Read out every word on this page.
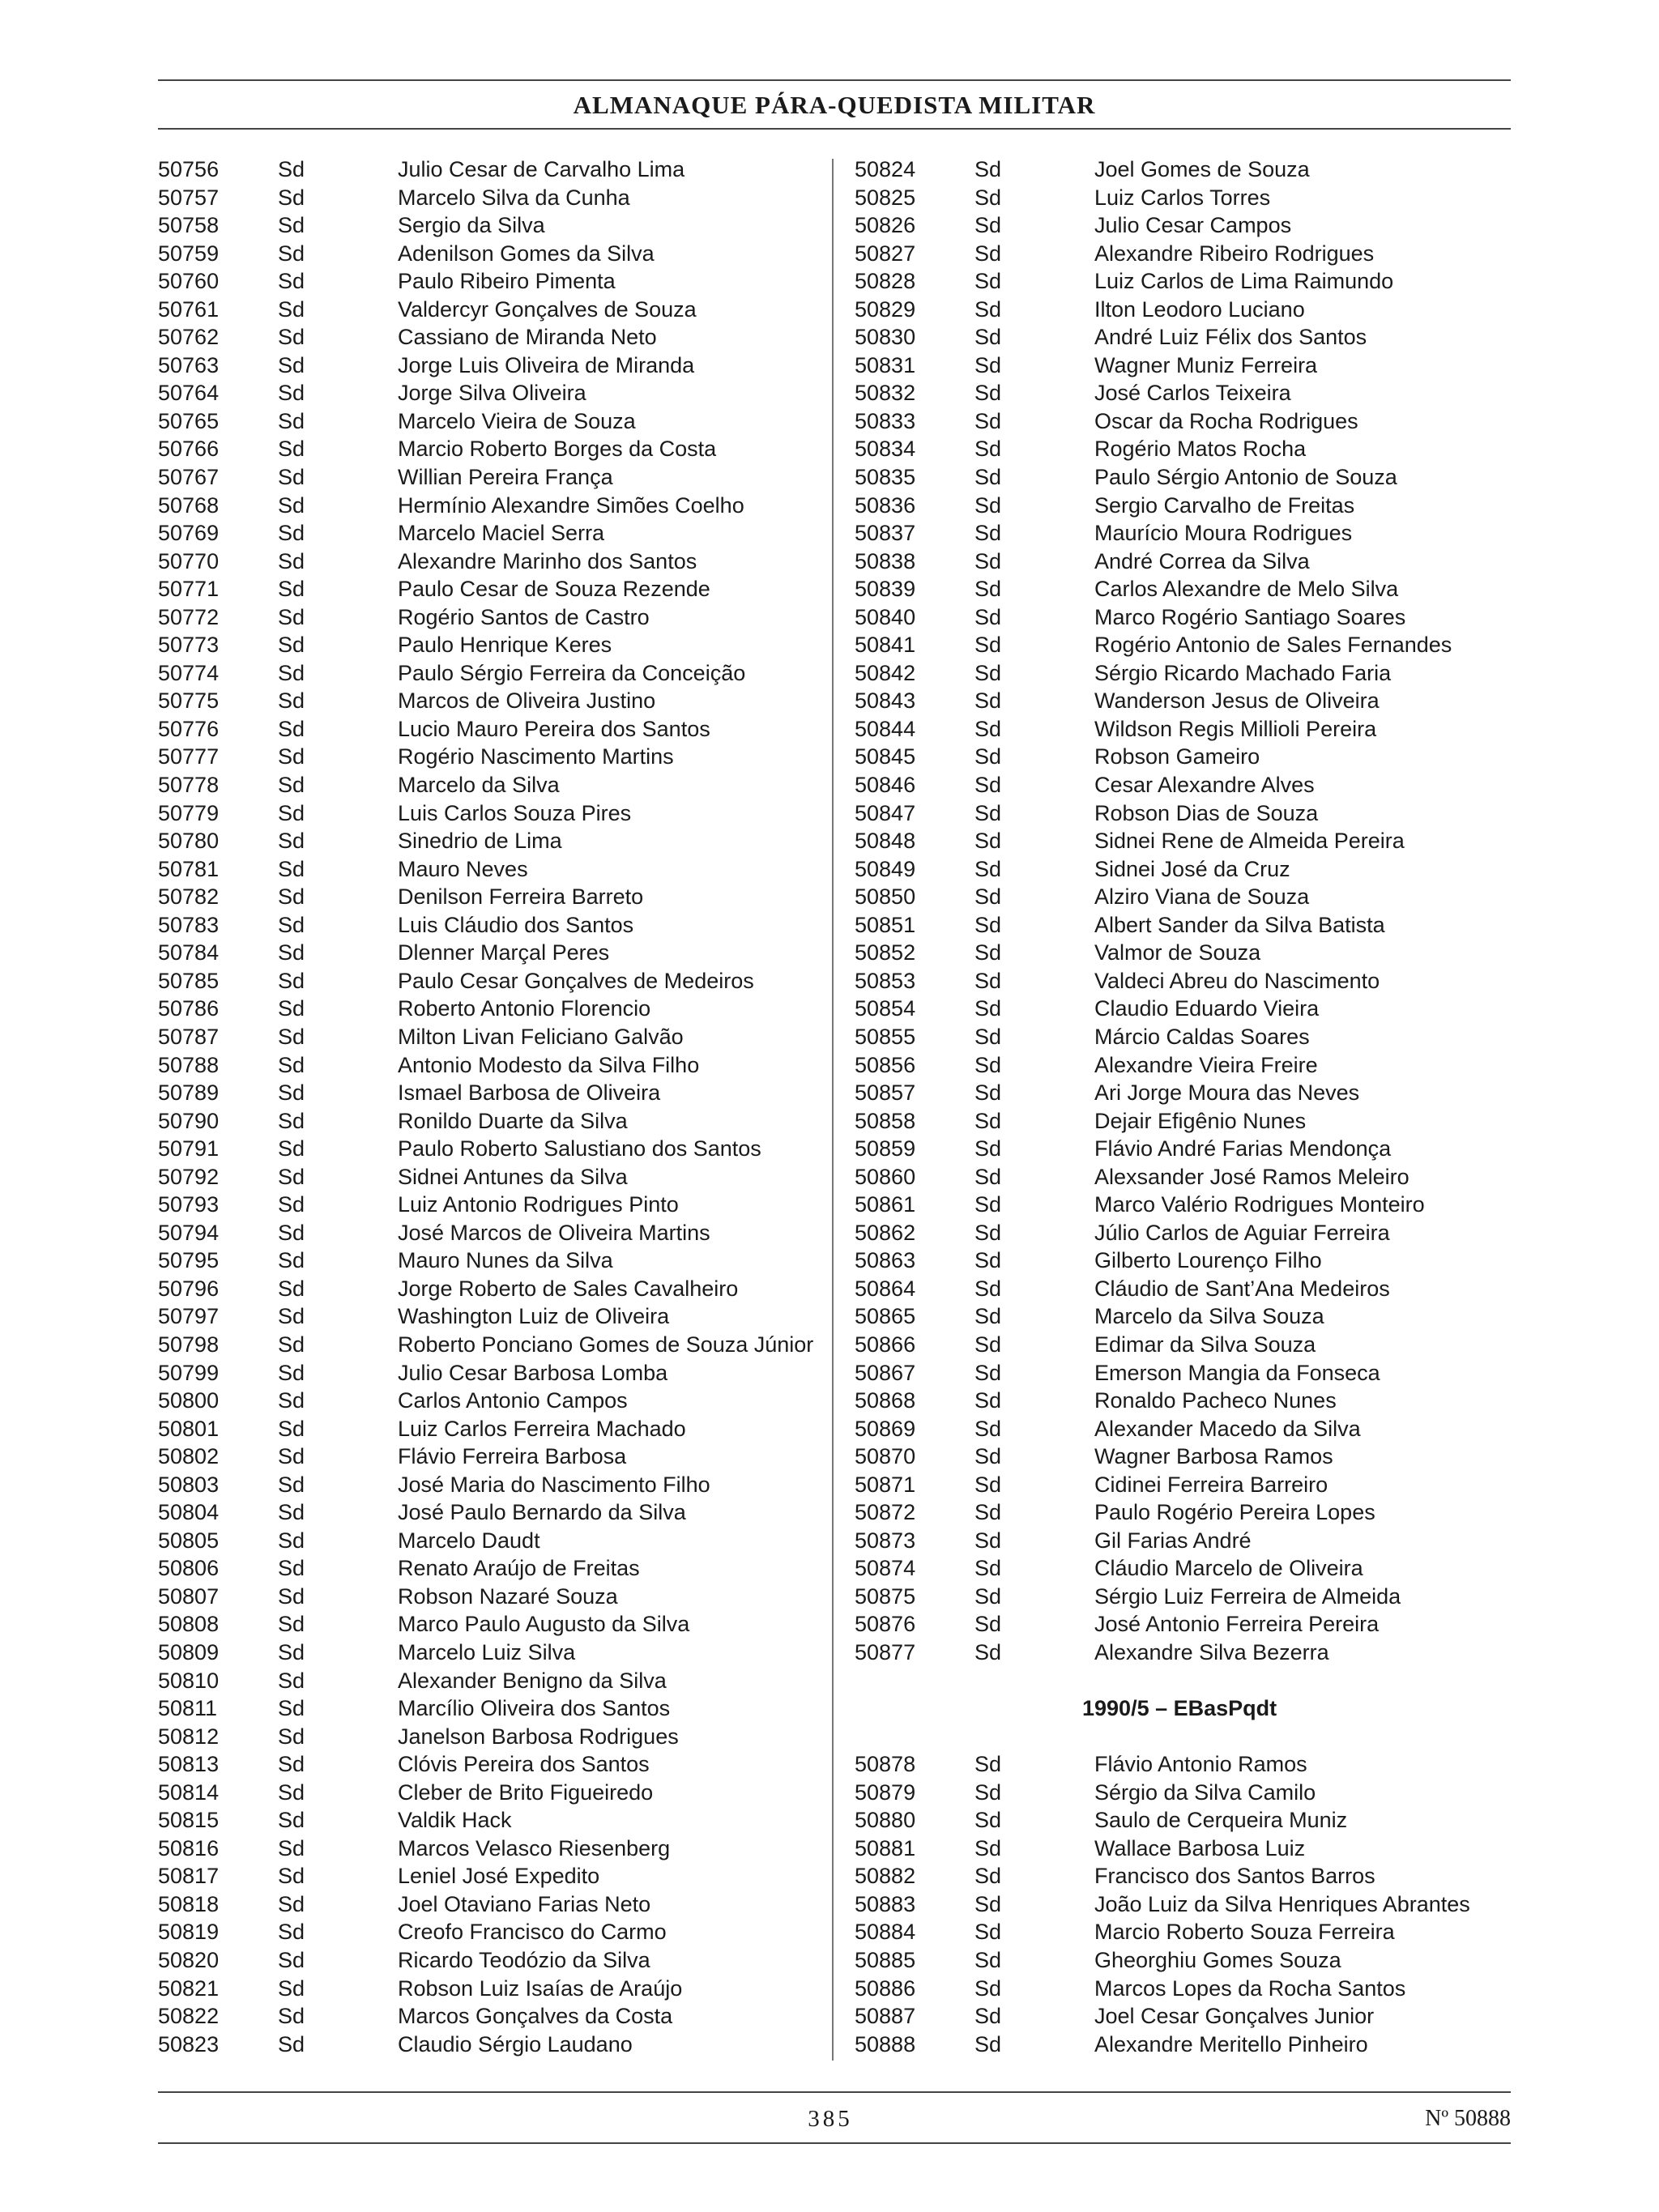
ALMANAQUE PÁRA-QUEDISTA MILITAR
50756	Sd	Julio Cesar de Carvalho Lima
50757	Sd	Marcelo Silva da Cunha
50758	Sd	Sergio da Silva
50759	Sd	Adenilson Gomes da Silva
50760	Sd	Paulo Ribeiro Pimenta
50761	Sd	Valdercyr Gonçalves de Souza
50762	Sd	Cassiano de Miranda Neto
50763	Sd	Jorge Luis Oliveira de Miranda
50764	Sd	Jorge Silva Oliveira
50765	Sd	Marcelo Vieira de Souza
50766	Sd	Marcio Roberto Borges da Costa
50767	Sd	Willian Pereira França
50768	Sd	Hermínio Alexandre Simões Coelho
50769	Sd	Marcelo Maciel Serra
50770	Sd	Alexandre Marinho dos Santos
50771	Sd	Paulo Cesar de Souza Rezende
50772	Sd	Rogério Santos de Castro
50773	Sd	Paulo Henrique Keres
50774	Sd	Paulo Sérgio Ferreira da Conceição
50775	Sd	Marcos de Oliveira Justino
50776	Sd	Lucio Mauro Pereira dos Santos
50777	Sd	Rogério Nascimento Martins
50778	Sd	Marcelo da Silva
50779	Sd	Luis Carlos Souza Pires
50780	Sd	Sinedrio de Lima
50781	Sd	Mauro Neves
50782	Sd	Denilson Ferreira Barreto
50783	Sd	Luis Cláudio dos Santos
50784	Sd	Dlenner Marçal Peres
50785	Sd	Paulo Cesar Gonçalves de Medeiros
50786	Sd	Roberto Antonio Florencio
50787	Sd	Milton Livan Feliciano Galvão
50788	Sd	Antonio Modesto da Silva Filho
50789	Sd	Ismael Barbosa de Oliveira
50790	Sd	Ronildo Duarte da Silva
50791	Sd	Paulo Roberto Salustiano dos Santos
50792	Sd	Sidnei Antunes da Silva
50793	Sd	Luiz Antonio Rodrigues Pinto
50794	Sd	José Marcos de Oliveira Martins
50795	Sd	Mauro Nunes da Silva
50796	Sd	Jorge Roberto de Sales Cavalheiro
50797	Sd	Washington Luiz de Oliveira
50798	Sd	Roberto Ponciano Gomes de Souza Júnior
50799	Sd	Julio Cesar Barbosa Lomba
50800	Sd	Carlos Antonio Campos
50801	Sd	Luiz Carlos Ferreira Machado
50802	Sd	Flávio Ferreira Barbosa
50803	Sd	José Maria do Nascimento Filho
50804	Sd	José Paulo Bernardo da Silva
50805	Sd	Marcelo Daudt
50806	Sd	Renato Araújo de Freitas
50807	Sd	Robson Nazaré Souza
50808	Sd	Marco Paulo Augusto da Silva
50809	Sd	Marcelo Luiz Silva
50810	Sd	Alexander Benigno da Silva
50811	Sd	Marcílio Oliveira dos Santos
50812	Sd	Janelson Barbosa Rodrigues
50813	Sd	Clóvis Pereira dos Santos
50814	Sd	Cleber de Brito Figueiredo
50815	Sd	Valdik Hack
50816	Sd	Marcos Velasco Riesenberg
50817	Sd	Leniel José Expedito
50818	Sd	Joel Otaviano Farias Neto
50819	Sd	Creofo Francisco do Carmo
50820	Sd	Ricardo Teodózio da Silva
50821	Sd	Robson Luiz Isaías de Araújo
50822	Sd	Marcos Gonçalves da Costa
50823	Sd	Claudio Sérgio Laudano
50824	Sd	Joel Gomes de Souza
50825	Sd	Luiz Carlos Torres
50826	Sd	Julio Cesar Campos
50827	Sd	Alexandre Ribeiro Rodrigues
50828	Sd	Luiz Carlos de Lima Raimundo
50829	Sd	Ilton Leodoro Luciano
50830	Sd	André Luiz Félix dos Santos
50831	Sd	Wagner Muniz Ferreira
50832	Sd	José Carlos Teixeira
50833	Sd	Oscar da Rocha Rodrigues
50834	Sd	Rogério Matos Rocha
50835	Sd	Paulo Sérgio Antonio de Souza
50836	Sd	Sergio Carvalho de Freitas
50837	Sd	Maurício Moura Rodrigues
50838	Sd	André Correa da Silva
50839	Sd	Carlos Alexandre de Melo Silva
50840	Sd	Marco Rogério Santiago Soares
50841	Sd	Rogério Antonio de Sales Fernandes
50842	Sd	Sérgio Ricardo Machado Faria
50843	Sd	Wanderson Jesus de Oliveira
50844	Sd	Wildson Regis Millioli Pereira
50845	Sd	Robson Gameiro
50846	Sd	Cesar Alexandre Alves
50847	Sd	Robson Dias de Souza
50848	Sd	Sidnei Rene de Almeida Pereira
50849	Sd	Sidnei José da Cruz
50850	Sd	Alziro Viana de Souza
50851	Sd	Albert Sander da Silva Batista
50852	Sd	Valmor de Souza
50853	Sd	Valdeci Abreu do Nascimento
50854	Sd	Claudio Eduardo Vieira
50855	Sd	Márcio Caldas Soares
50856	Sd	Alexandre Vieira Freire
50857	Sd	Ari Jorge Moura das Neves
50858	Sd	Dejair Efigênio Nunes
50859	Sd	Flávio André Farias Mendonça
50860	Sd	Alexsander José Ramos Meleiro
50861	Sd	Marco Valério Rodrigues Monteiro
50862	Sd	Júlio Carlos de Aguiar Ferreira
50863	Sd	Gilberto Lourenço Filho
50864	Sd	Cláudio de Sant’Ana Medeiros
50865	Sd	Marcelo da Silva Souza
50866	Sd	Edimar da Silva Souza
50867	Sd	Emerson Mangia da Fonseca
50868	Sd	Ronaldo Pacheco Nunes
50869	Sd	Alexander Macedo da Silva
50870	Sd	Wagner Barbosa Ramos
50871	Sd	Cidinei Ferreira Barreiro
50872	Sd	Paulo Rogério Pereira Lopes
50873	Sd	Gil Farias André
50874	Sd	Cláudio Marcelo de Oliveira
50875	Sd	Sérgio Luiz Ferreira de Almeida
50876	Sd	José Antonio Ferreira Pereira
50877	Sd	Alexandre Silva Bezerra
1990/5 – EBasPqdt
50878	Sd	Flávio Antonio Ramos
50879	Sd	Sérgio da Silva Camilo
50880	Sd	Saulo de Cerqueira Muniz
50881	Sd	Wallace Barbosa Luiz
50882	Sd	Francisco dos Santos Barros
50883	Sd	João Luiz da Silva Henriques Abrantes
50884	Sd	Marcio Roberto Souza Ferreira
50885	Sd	Gheorghiu Gomes Souza
50886	Sd	Marcos Lopes da Rocha Santos
50887	Sd	Joel Cesar Gonçalves Junior
50888	Sd	Alexandre Meritello Pinheiro
385	Nº 50888
